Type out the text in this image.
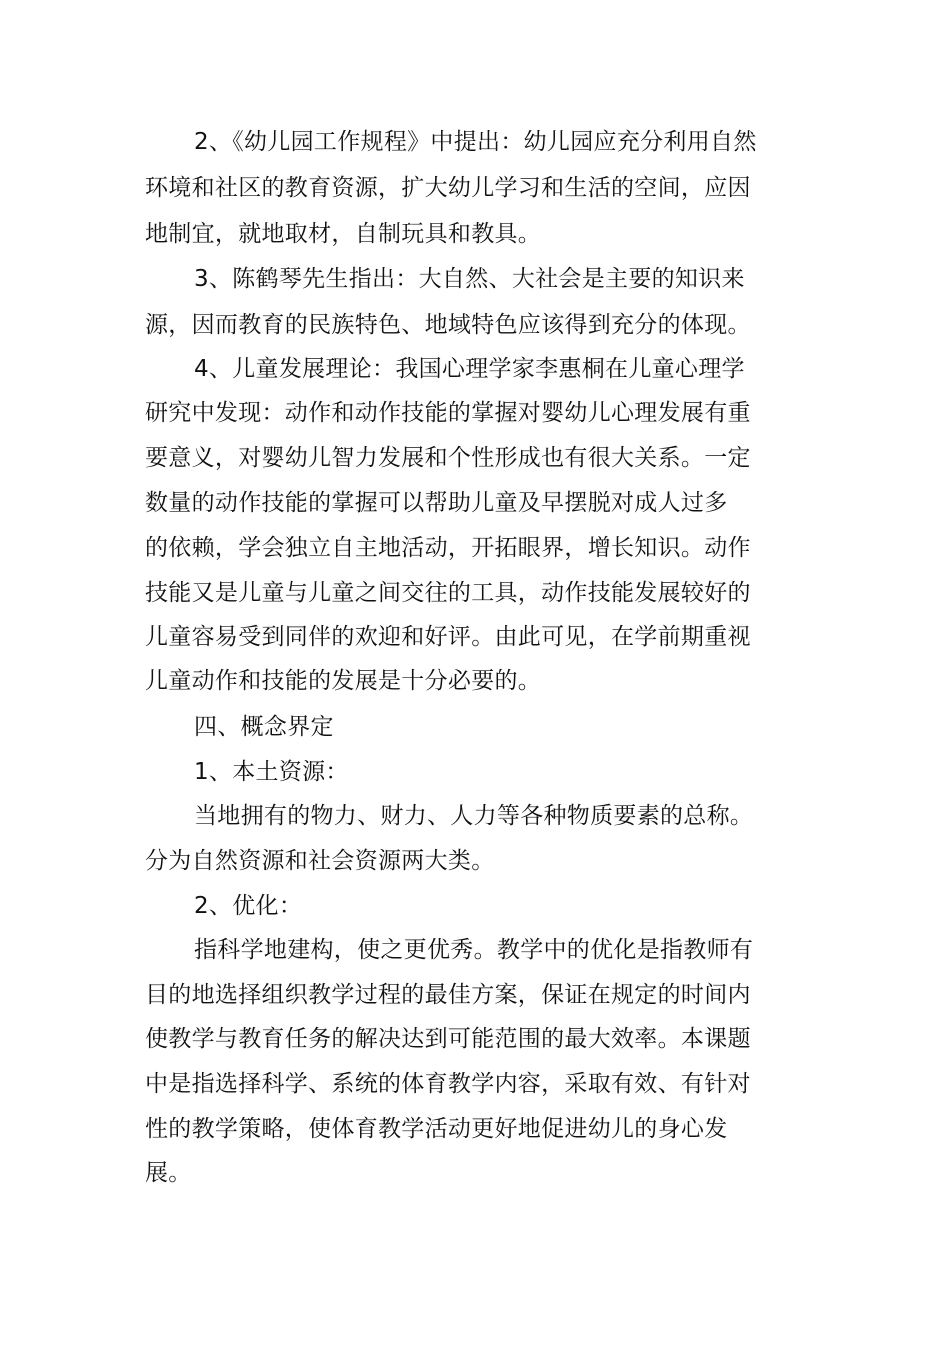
2、《幼儿园工作规程》中提出：幼儿园应充分利用自然
环境和社区的教育资源，扩大幼儿学习和生活的空间，应因
地制宜，就地取材，自制玩具和教具。
3、陈鹤琴先生指出：大自然、大社会是主要的知识来
源，因而教育的民族特色、地域特色应该得到充分的体现。
4、儿童发展理论：我国心理学家李惠桐在儿童心理学
研究中发现：动作和动作技能的掌握对婴幼儿心理发展有重
要意义，对婴幼儿智力发展和个性形成也有很大关系。一定
数量的动作技能的掌握可以帮助儿童及早摆脱对成人过多
的依赖，学会独立自主地活动，开拓眼界，增长知识。动作
技能又是儿童与儿童之间交往的工具，动作技能发展较好的
儿童容易受到同伴的欢迎和好评。由此可见，在学前期重视
儿童动作和技能的发展是十分必要的。
四、概念界定
1、本土资源：
当地拥有的物力、财力、人力等各种物质要素的总称。
分为自然资源和社会资源两大类。
2、优化：
指科学地建构，使之更优秀。教学中的优化是指教师有
目的地选择组织教学过程的最佳方案，保证在规定的时间内
使教学与教育任务的解决达到可能范围的最大效率。本课题
中是指选择科学、系统的体育教学内容，采取有效、有针对
性的教学策略，使体育教学活动更好地促进幼儿的身心发
展。
